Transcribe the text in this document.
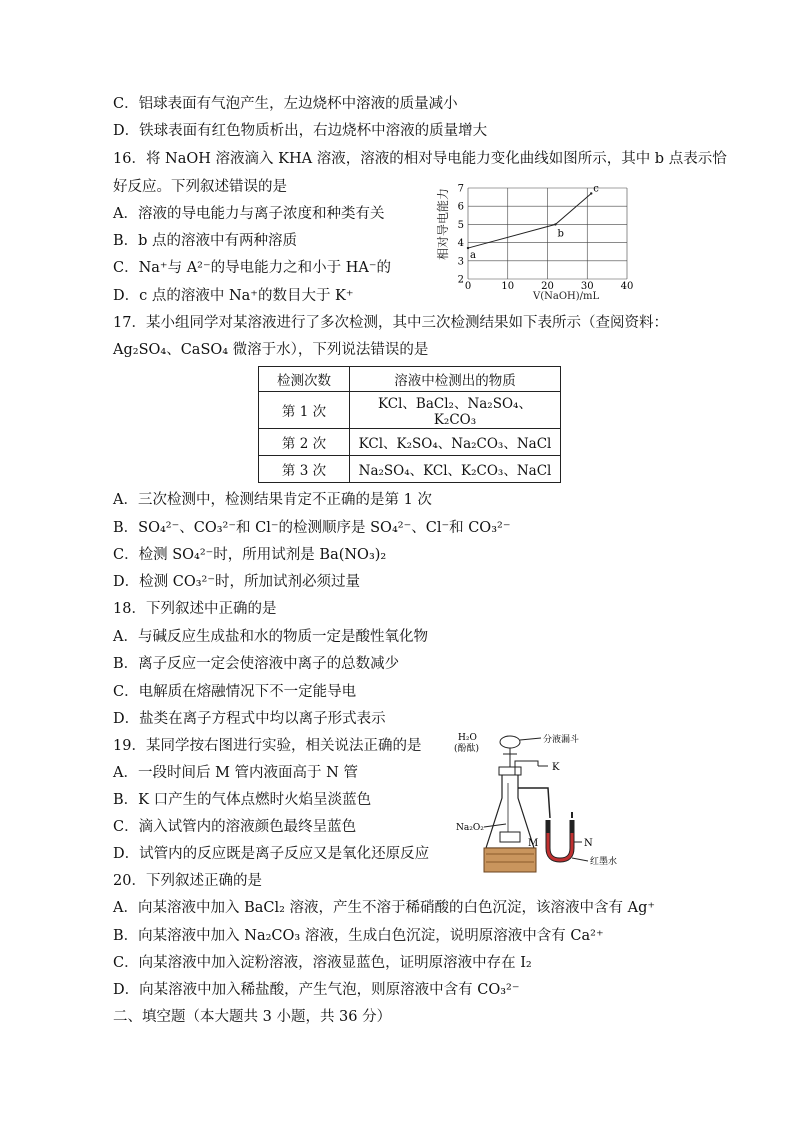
C．铝球表面有气泡产生，左边烧杯中溶液的质量减小
D．铁球表面有红色物质析出，右边烧杯中溶液的质量增大
16．将 NaOH 溶液滴入 KHA 溶液，溶液的相对导电能力变化曲线如图所示，其中 b 点表示恰
好反应。下列叙述错误的是
A．溶液的导电能力与离子浓度和种类有关
B．b 点的溶液中有两种溶质
C．Na⁺与 A²⁻的导电能力之和小于 HA⁻的
D．c 点的溶液中 Na⁺的数目大于 K⁺
17．某小组同学对某溶液进行了多次检测，其中三次检测结果如下表所示（查阅资料：
Ag₂SO₄、CaSO₄ 微溶于水），下列说法错误的是
检测次数	溶液中检测出的物质
第 1 次	KCl、BaCl₂、Na₂SO₄、K₂CO₃
第 2 次	KCl、K₂SO₄、Na₂CO₃、NaCl
第 3 次	Na₂SO₄、KCl、K₂CO₃、NaCl
A．三次检测中，检测结果肯定不正确的是第 1 次
B．SO₄²⁻、CO₃²⁻和 Cl⁻的检测顺序是 SO₄²⁻、Cl⁻和 CO₃²⁻
C．检测 SO₄²⁻时，所用试剂是 Ba(NO₃)₂
D．检测 CO₃²⁻时，所加试剂必须过量
18．下列叙述中正确的是
A．与碱反应生成盐和水的物质一定是酸性氧化物
B．离子反应一定会使溶液中离子的总数减少
C．电解质在熔融情况下不一定能导电
D．盐类在离子方程式中均以离子形式表示
19．某同学按右图进行实验，相关说法正确的是
A．一段时间后 M 管内液面高于 N 管
B．K 口产生的气体点燃时火焰呈淡蓝色
C．滴入试管内的溶液颜色最终呈蓝色
D．试管内的反应既是离子反应又是氧化还原反应
20．下列叙述正确的是
A．向某溶液中加入 BaCl₂ 溶液，产生不溶于稀硝酸的白色沉淀，该溶液中含有 Ag⁺
B．向某溶液中加入 Na₂CO₃ 溶液，生成白色沉淀，说明原溶液中含有 Ca²⁺
C．向某溶液中加入淀粉溶液，溶液显蓝色，证明原溶液中存在 I₂
D．向某溶液中加入稀盐酸，产生气泡，则原溶液中含有 CO₃²⁻
二、填空题（本大题共 3 小题，共 36 分）
0	10	20	30	40
2
3
4
5
6
7
a
b
c
相对导电能力
V(NaOH)/mL
H₂O
(酚酞)
分液漏斗
K
Na₂O₂
M	N
红墨水
